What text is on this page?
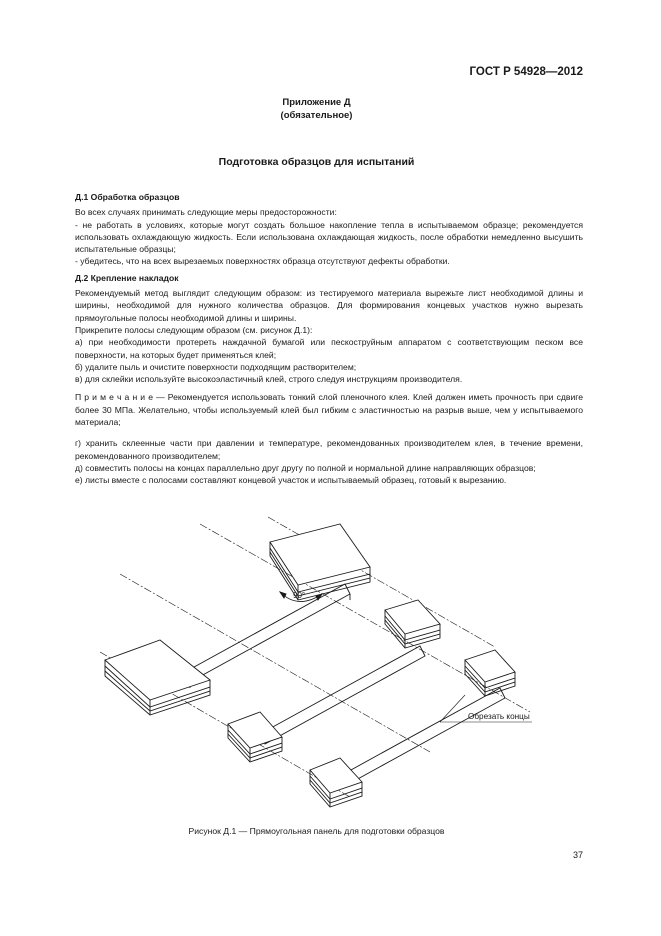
ГОСТ Р 54928—2012
Приложение Д
(обязательное)
Подготовка образцов для испытаний

Д.1 Обработка образцов

Во всех случаях принимать следующие меры предосторожности:

- не работать в условиях, которые могут создать большое накопление тепла в испытываемом образце; рекомендуется использовать охлаждающую жидкость. Если использована охлаждающая жидкость, после обработки немедленно высушить испытательные образцы;

- убедитесь, что на всех вырезаемых поверхностях образца отсутствуют дефекты обработки.

Д.2 Крепление накладок

Рекомендуемый метод выглядит следующим образом: из тестируемого материала вырежьте лист необходимой длины и ширины, необходимой для нужного количества образцов. Для формирования концевых участков нужно вырезать прямоугольные полосы необходимой длины и ширины.

Прикрепите полосы следующим образом (см. рисунок Д.1):

а) при необходимости протереть наждачной бумагой или пескоструйным аппаратом с соответствующим песком все поверхности, на которых будет применяться клей;

б) удалите пыль и очистите поверхности подходящим растворителем;

в) для склейки используйте высокоэластичный клей, строго следуя инструкциям производителя.

П р и м е ч а н и е — Рекомендуется использовать тонкий слой пленочного клея. Клей должен иметь прочность при сдвиге более 30 МПа. Желательно, чтобы используемый клей был гибким с эластичностью на разрыв выше, чем у испытываемого материала;

г) хранить склеенные части при давлении и температуре, рекомендованных производителем клея, в течение времени, рекомендованного производителем;

д) совместить полосы на концах параллельно друг другу по полной и нормальной длине направляющих образцов;

е) листы вместе с полосами составляют концевой участок и испытываемый образец, готовый к вырезанию.

90°
Обрезать концы
Рисунок Д.1 — Прямоугольная панель для подготовки образцов
37
